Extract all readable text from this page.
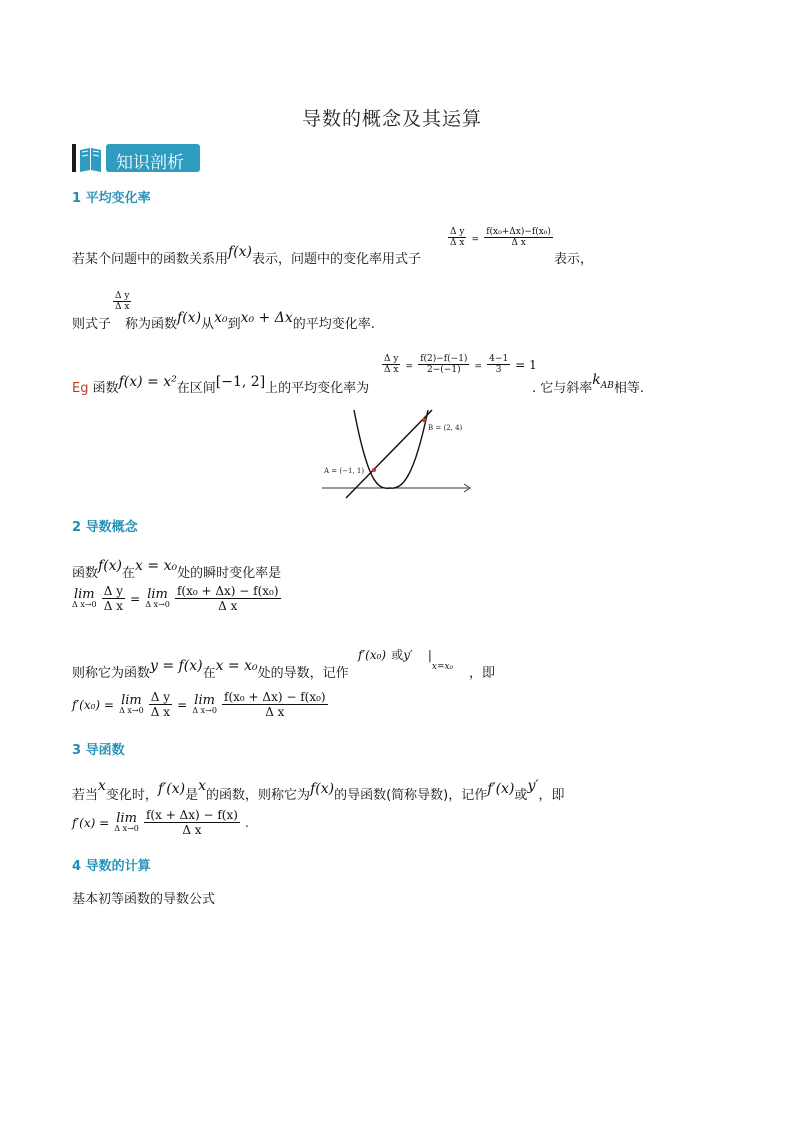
导数的概念及其运算
知识剖析
1 平均变化率
若某个问题中的函数关系用f(x)表示，问题中的变化率用式子
$\frac{\text{Δ y}}{\text{Δ x}} = \frac{\text{f(x₀+Δx)−f(x₀)}}{\text{Δ x}}$
表示，
$\frac{\text{Δ y}}{\text{Δ x}}$
则式子 称为函数f(x)从x₀到x₀ + Δx的平均变化率.
Eg 函数f(x) = x²在区间[−1, 2]上的平均变化率为
$\frac{\text{Δ y}}{\text{Δ x}} = \frac{f(2)-f(-1)}{2-(-1)} = \frac{4-1}{3} = 1$
. 它与斜率$k^{AB}$相等.
A = (−1, 1)
B = (2, 4)
2 导数概念
函数f(x)在x = x₀处的瞬时变化率是
lim
Δ x→0
$\frac{\text{Δ y}}{\text{Δ x}} = \lim$
Δ x→0
$\frac{\text{f(x₀ + Δx) − f(x₀)}}{\text{Δ x}}$
则称它为函数y = f(x)在x = x₀处的导数，记作
f′(x₀) 或y′ $|_{x=x_0}$ ，即
f′(x₀) = lim
Δ x→0
$\frac{\text{Δ y}}{\text{Δ x}} = \lim$
Δ x→0
$\frac{\text{f(x₀ + Δx) − f(x₀)}}{\text{Δ x}}$
3 导函数
若当x变化时，f′(x)是x的函数，则称它为f(x)的导函数(简称导数)，记作f′(x)或y′，即
f′(x) = lim
Δ x→0
$\frac{f(x + \Delta x) - f(x)}{\text{Δ x}}$ .
4 导数的计算
基本初等函数的导数公式
